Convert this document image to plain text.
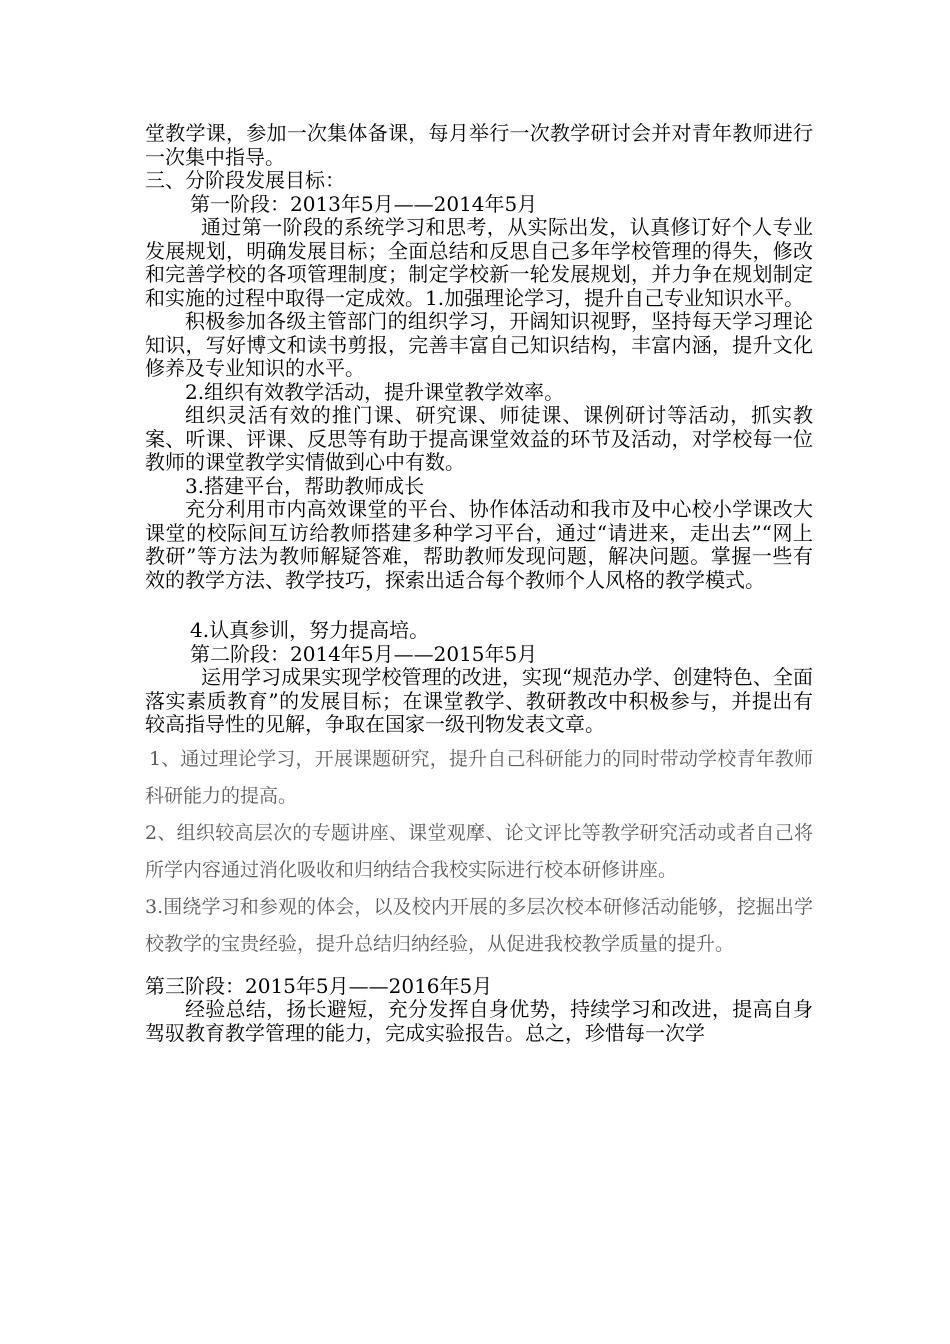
堂教学课，参加一次集体备课，每月举行一次教学研讨会并对青年教师进行一次集中指导。

三、分阶段发展目标：

第一阶段：2013年5月——2014年5月

通过第一阶段的系统学习和思考，从实际出发，认真修订好个人专业发展规划，明确发展目标；全面总结和反思自己多年学校管理的得失，修改和完善学校的各项管理制度；制定学校新一轮发展规划，并力争在规划制定和实施的过程中取得一定成效。1.加强理论学习，提升自己专业知识水平。

积极参加各级主管部门的组织学习，开阔知识视野，坚持每天学习理论知识，写好博文和读书剪报，完善丰富自己知识结构，丰富内涵，提升文化修养及专业知识的水平。

2.组织有效教学活动，提升课堂教学效率。

组织灵活有效的推门课、研究课、师徒课、课例研讨等活动，抓实教案、听课、评课、反思等有助于提高课堂效益的环节及活动，对学校每一位教师的课堂教学实情做到心中有数。

3.搭建平台，帮助教师成长

充分利用市内高效课堂的平台、协作体活动和我市及中心校小学课改大课堂的校际间互访给教师搭建多种学习平台，通过“请进来，走出去”“网上教研”等方法为教师解疑答难，帮助教师发现问题，解决问题。掌握一些有效的教学方法、教学技巧，探索出适合每个教师个人风格的教学模式。

4.认真参训，努力提高培。

第二阶段：2014年5月——2015年5月

运用学习成果实现学校管理的改进，实现“规范办学、创建特色、全面落实素质教育”的发展目标；在课堂教学、教研教改中积极参与，并提出有较高指导性的见解，争取在国家一级刊物发表文章。

1、通过理论学习，开展课题研究，提升自己科研能力的同时带动学校青年教师科研能力的提高。

2、组织较高层次的专题讲座、课堂观摩、论文评比等教学研究活动或者自己将所学内容通过消化吸收和归纳结合我校实际进行校本研修讲座。

3.围绕学习和参观的体会，以及校内开展的多层次校本研修活动能够，挖掘出学校教学的宝贵经验，提升总结归纳经验，从促进我校教学质量的提升。

第三阶段：2015年5月——2016年5月

经验总结，扬长避短，充分发挥自身优势，持续学习和改进，提高自身驾驭教育教学管理的能力，完成实验报告。总之，珍惜每一次学
